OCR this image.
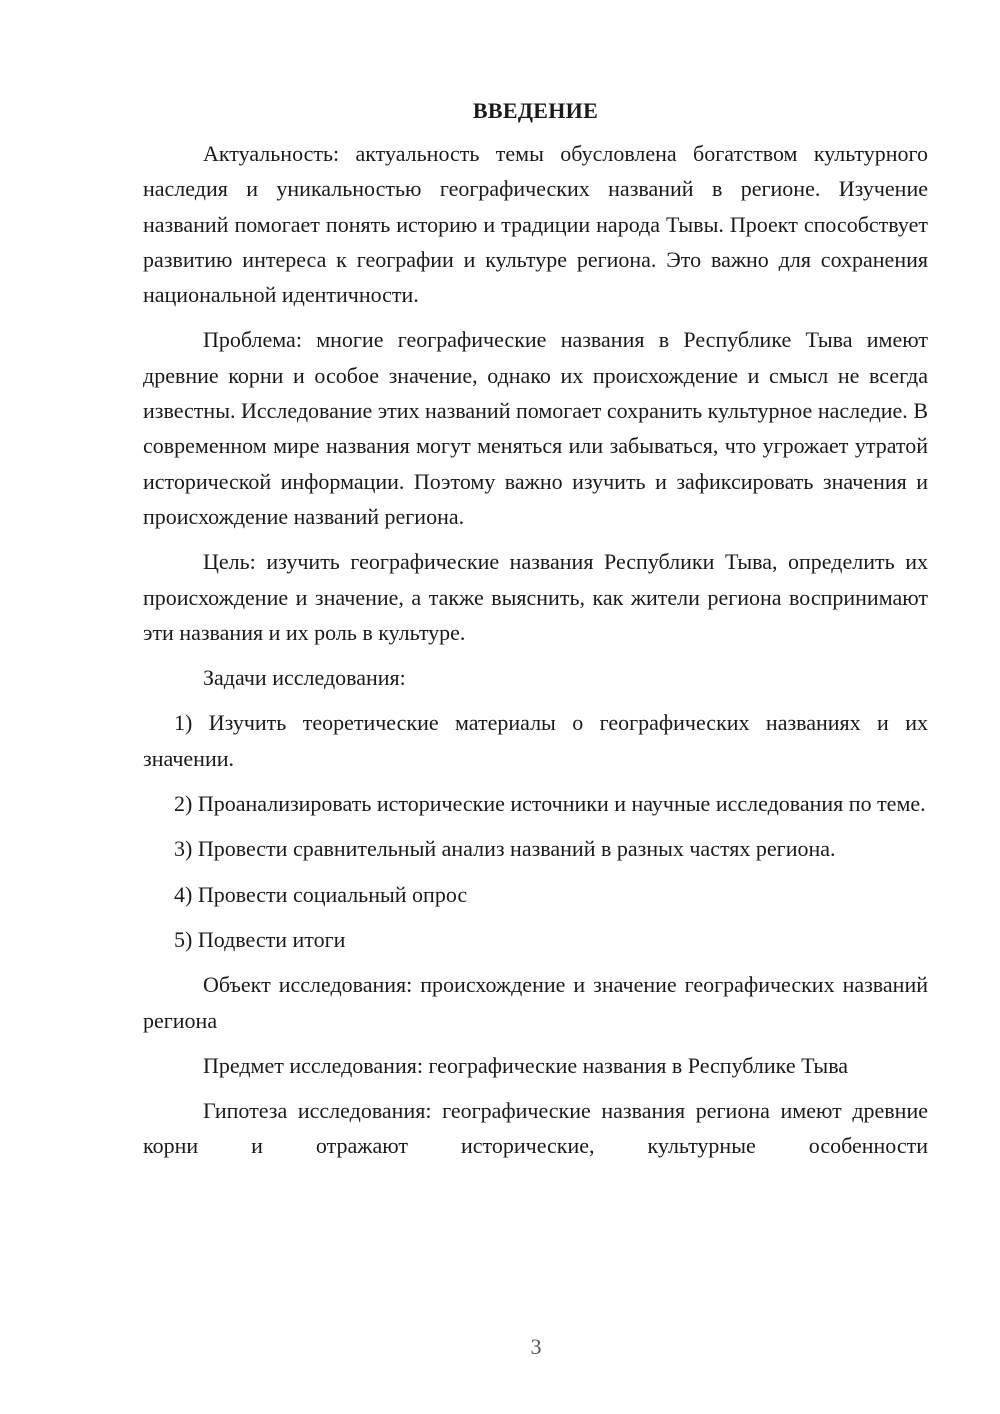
ВВЕДЕНИЕ

Актуальность: актуальность темы обусловлена богатством культурного наследия и уникальностью географических названий в регионе. Изучение названий помогает понять историю и традиции народа Тывы. Проект способствует развитию интереса к географии и культуре региона. Это важно для сохранения национальной идентичности.

Проблема: многие географические названия в Республике Тыва имеют древние корни и особое значение, однако их происхождение и смысл не всегда известны. Исследование этих названий помогает сохранить культурное наследие. В современном мире названия могут меняться или забываться, что угрожает утратой исторической информации. Поэтому важно изучить и зафиксировать значения и происхождение названий региона.

Цель: изучить географические названия Республики Тыва, определить их происхождение и значение, а также выяснить, как жители региона воспринимают эти названия и их роль в культуре.

Задачи исследования:

1) Изучить теоретические материалы о географических названиях и их значении.

2) Проанализировать исторические источники и научные исследования по теме.

3) Провести сравнительный анализ названий в разных частях региона.

4) Провести социальный опрос

5) Подвести итоги

Объект исследования: происхождение и значение географических названий региона

Предмет исследования: географические названия в Республике Тыва

Гипотеза исследования: географические названия региона имеют древние корни и отражают исторические, культурные особенности

3
